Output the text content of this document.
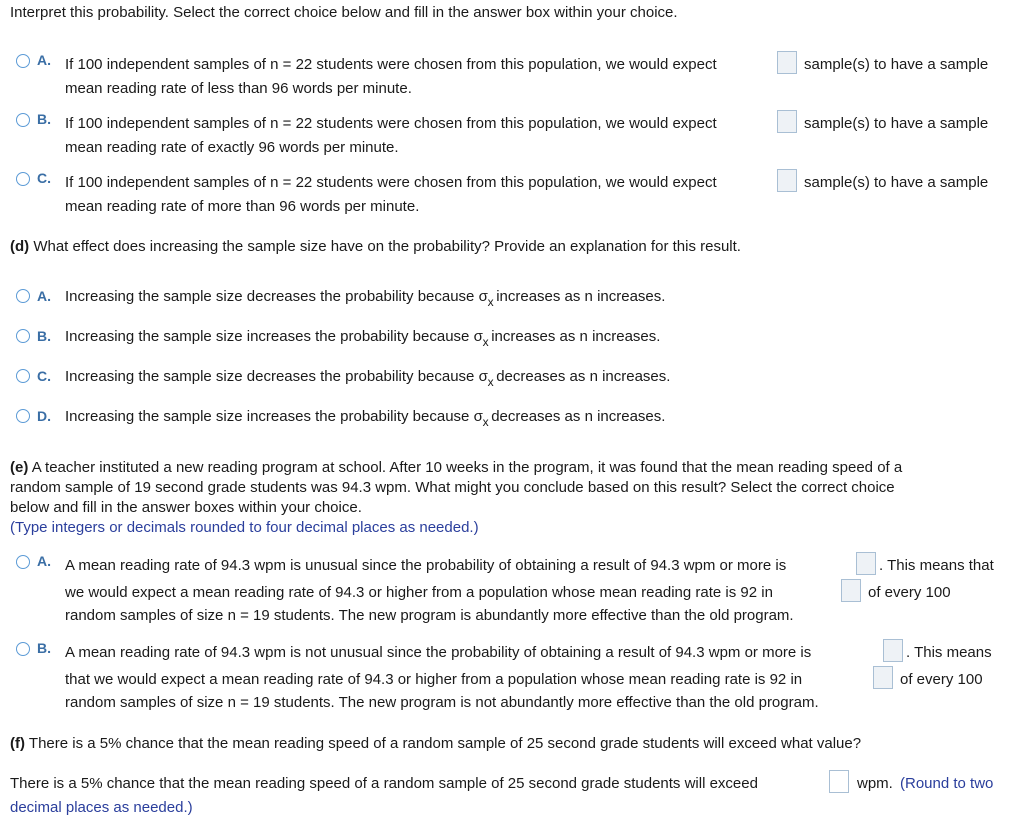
Interpret this probability. Select the correct choice below and fill in the answer box within your choice.
A. If 100 independent samples of n = 22 students were chosen from this population, we would expect	sample(s) to have a sample
mean reading rate of less than 96 words per minute.
B. If 100 independent samples of n = 22 students were chosen from this population, we would expect	sample(s) to have a sample
mean reading rate of exactly 96 words per minute.
C. If 100 independent samples of n = 22 students were chosen from this population, we would expect	sample(s) to have a sample
mean reading rate of more than 96 words per minute.
(d) What effect does increasing the sample size have on the probability? Provide an explanation for this result.
A. Increasing the sample size decreases the probability because σ x increases as n increases.
B. Increasing the sample size increases the probability because σ x increases as n increases.
C. Increasing the sample size decreases the probability because σ x decreases as n increases.
D. Increasing the sample size increases the probability because σ x decreases as n increases.
(e) A teacher instituted a new reading program at school. After 10 weeks in the program, it was found that the mean reading speed of a
random sample of 19 second grade students was 94.3 wpm. What might you conclude based on this result? Select the correct choice
below and fill in the answer boxes within your choice.
(Type integers or decimals rounded to four decimal places as needed.)
A. A mean reading rate of 94.3 wpm is unusual since the probability of obtaining a result of 94.3 wpm or more is	. This means that
we would expect a mean reading rate of 94.3 or higher from a population whose mean reading rate is 92 in	of every 100
random samples of size n = 19 students. The new program is abundantly more effective than the old program.
B. A mean reading rate of 94.3 wpm is not unusual since the probability of obtaining a result of 94.3 wpm or more is	. This means
that we would expect a mean reading rate of 94.3 or higher from a population whose mean reading rate is 92 in	of every 100
random samples of size n = 19 students. The new program is not abundantly more effective than the old program.
(f) There is a 5% chance that the mean reading speed of a random sample of 25 second grade students will exceed what value?
There is a 5% chance that the mean reading speed of a random sample of 25 second grade students will exceed	wpm. (Round to two
decimal places as needed.)
